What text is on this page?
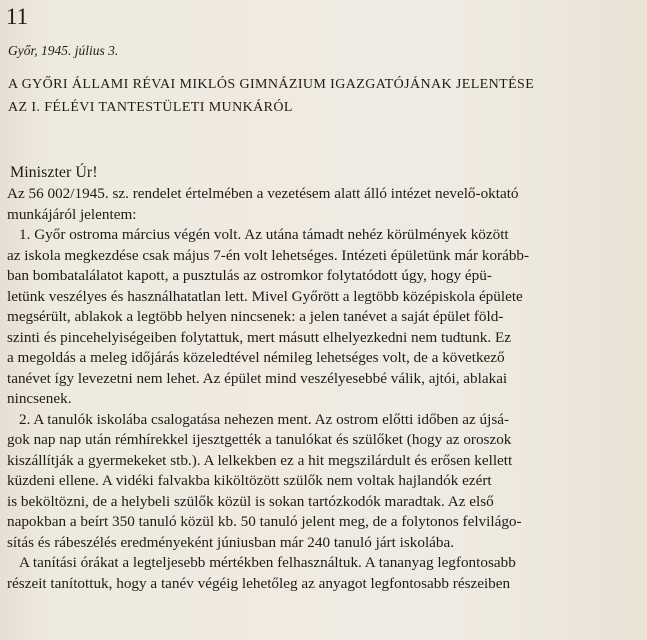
11
Győr, 1945. július 3.
A GYŐRI ÁLLAMI RÉVAI MIKLÓS GIMNÁZIUM IGAZGATÓJÁNAK JELENTÉSE
AZ I. FÉLÉVI TANTESTÜLETI MUNKÁRÓL
Miniszter Úr!
Az 56 002/1945. sz. rendelet értelmében a vezetésem alatt álló intézet nevelő-oktató
munkájáról jelentem:
1. Győr ostroma március végén volt. Az utána támadt nehéz körülmények között
az iskola megkezdése csak május 7-én volt lehetséges. Intézeti épületünk már korább-
ban bombatalálatot kapott, a pusztulás az ostromkor folytatódott úgy, hogy épü-
letünk veszélyes és használhatatlan lett. Mivel Győrött a legtöbb középiskola épülete
megsérült, ablakok a legtöbb helyen nincsenek: a jelen tanévet a saját épület föld-
szinti és pincehelyiségeiben folytattuk, mert másutt elhelyezkedni nem tudtunk. Ez
a megoldás a meleg időjárás közeledtével némileg lehetséges volt, de a következő
tanévet így levezetni nem lehet. Az épület mind veszélyesebbé válik, ajtói, ablakai
nincsenek.
2. A tanulók iskolába csalogatása nehezen ment. Az ostrom előtti időben az újsá-
gok nap nap után rémhírekkel ijesztgették a tanulókat és szülőket (hogy az oroszok
kiszállítják a gyermekeket stb.). A lelkekben ez a hit megszilárdult és erősen kellett
küzdeni ellene. A vidéki falvakba kiköltözött szülők nem voltak hajlandók ezért
is beköltözni, de a helybeli szülők közül is sokan tartózkodók maradtak. Az első
napokban a beírt 350 tanuló közül kb. 50 tanuló jelent meg, de a folytonos felvilágo-
sítás és rábeszélés eredményeként júniusban már 240 tanuló járt iskolába.
A tanítási órákat a legteljesebb mértékben felhasználtuk. A tananyag legfontosabb
részeit tanítottuk, hogy a tanév végéig lehetőleg az anyagot legfontosabb részeiben
